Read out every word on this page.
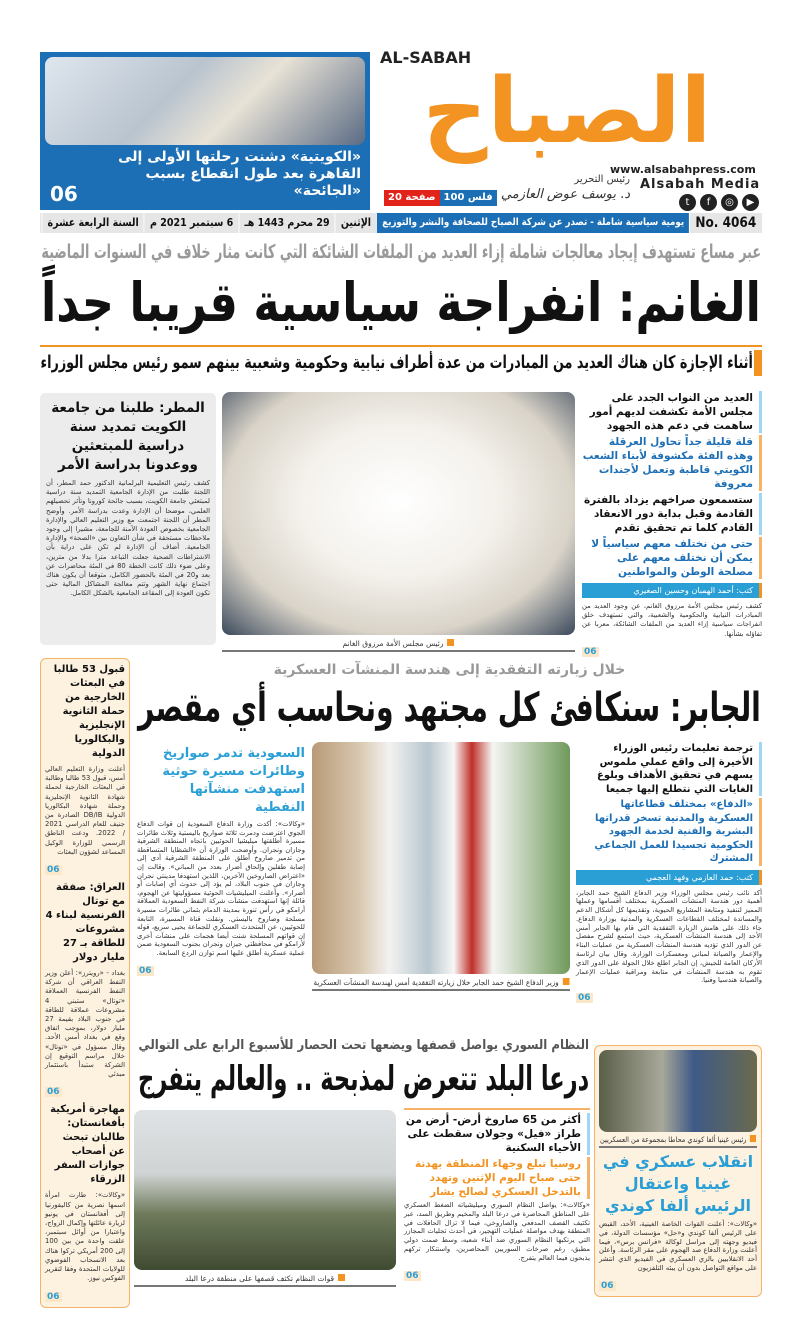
«الكويتية» دشنت رحلتها الأولى إلى القاهرة بعد طول انقطاع بسبب «الجائحة»
06
الصباح
AL-SABAH
www.alsabahpress.com
Alsabah Media
▶
◎
f
t
رئيس التحرير
د. يوسف عوض العازمي
20 صفحة 100 فلس
No. 4064
يومية سياسية شاملة - تصدر عن شركة الصباح للصحافة والنشر والتوزيع
الإثنين
29 محرم 1443 هـ
6 سبتمبر 2021 م
السنة الرابعة عشرة
عبر مساع تستهدف إيجاد معالجات شاملة إزاء العديد من الملفات الشائكة التي كانت مثار خلاف في السنوات الماضية
الغانم: انفراجة سياسية قريبا جداً
أثناء الإجازة كان هناك العديد من المبادرات من عدة أطراف نيابية وحكومية وشعبية بينهم سمو رئيس مجلس الوزراء
العديد من النواب الجدد على مجلس الأمة تكشفت لديهم أمور ساهمت في دعم هذه الجهود
قلة قليلة جداً تحاول العرقلة وهذه الفئة مكشوفة لأبناء الشعب الكويتي قاطبة وتعمل لأجندات معروفة
ستسمعون صراخهم يزداد بالفترة القادمة وقبل بداية دور الانعقاد القادم كلما تم تحقيق تقدم
حتى من نختلف معهم سياسياً لا يمكن أن نختلف معهم على مصلحة الوطن والمواطنين
كتب: أحمد الهمبان وحسين الصغيري
كشف رئيس مجلس الأمة مرزوق الغانم، عن وجود العديد من المبادرات النيابية والحكومية والشعبية، والتي تستهدف خلق انفراجات سياسية إزاء العديد من الملفات الشائكة، معربا عن تفاؤله بشأنها.
06
رئيس مجلس الأمة مرزوق الغانم
المطر: طلبنا من جامعة الكويت تمديد سنة دراسية للمبتعثين ووعدونا بدراسة الأمر
كشف رئيس التعليمية البرلمانية الدكتور حمد المطر، أن اللجنة طلبت من الإدارة الجامعية التمديد سنة دراسية لمبتعثي جامعة الكويت، بسبب جائحة كورونا وتأثر تحصيلهم العلمي، موضحا أن الإدارة وعدت بدراسة الأمر. وأوضح المطر أن اللجنة اجتمعت مع وزير التعليم العالي والإدارة الجامعية بخصوص العودة الآمنة للجامعة، مشيرا إلى وجود ملاحظات مستحقة في شأن التعاون بين «الصحة» والإدارة الجامعية. أضاف أن الإدارة لم تكن على دراية بأن الاشتراطات الصحية جعلت التباعد مترا بدلا من مترين، وعلى ضوء ذلك كانت الخطة 80 في المئة محاضرات عن بعد و20 في المئة بالحضور الكامل، متوقعا أن يكون هناك اجتماع نهاية الشهر وتتم معالجة المشاكل المالية حتى تكون العودة إلى المقاعد الجامعية بالشكل الكامل.
قبول 53 طالبا في البعثات الخارجية من حملة الثانوية الإنجليزية والبكالوريا الدولية
أعلنت وزارة التعليم العالي أمس، قبول 53 طالبا وطالبة في البعثات الخارجية لحملة شهادة الثانوية الإنجليزية وحملة شهادة البكالوريا الدولية DB/IB الصادرة من جنيف للعام الدراسي 2021 / 2022. ودعت الناطق الرسمي للوزارة الوكيل المساعد لشؤون البعثات
06
العراق: صفقة مع توتال الفرنسية لبناء 4 مشروعات للطاقة بـ 27 مليار دولار
بغداد - «رويترز»: أعلن وزير النفط العراقي أن شركة النفط الفرنسية العملاقة «توتال» ستبني 4 مشروعات عملاقة للطاقة في جنوب البلاد بقيمة 27 مليار دولار، بموجب اتفاق وقع في بغداد أمس الأحد. وقال مسؤول في «توتال» خلال مراسم التوقيع إن الشركة ستبدأ باستثمار مبدئي
06
مهاجرة أمريكية بأفغانستان: طالبان تبحث عن أصحاب جوازات السفر الزرقاء
«وكالات»: طارت امرأة اسمها نصرية من كاليفورنيا إلى أفغانستان في يونيو لزيارة عائلتها وإكمال الزواج، واعتبارا من أوائل سبتمبر، علقت واحدة من بين 100 إلى 200 أمريكي تركوا هناك بعد الانسحاب الفوضوي للولايات المتحدة وفقا لتقرير الفوكس نيوز.
06
خلال زيارته التفقدية إلى هندسة المنشآت العسكرية
الجابر: سنكافئ كل مجتهد ونحاسب أي مقصر
ترجمة تعليمات رئيس الوزراء الأخيرة إلى واقع عملي ملموس يسهم في تحقيق الأهداف وبلوغ الغايات التي نتطلع إليها جميعا
«الدفاع» بمختلف قطاعاتها العسكرية والمدنية تسخر قدراتها البشرية والفنية لخدمة الجهود الحكومية تجسيدا للعمل الجماعي المشترك
كتب: حمد العازمي وفهد العجمي
أكد نائب رئيس مجلس الوزراء وزير الدفاع الشيخ حمد الجابر، أهمية دور هندسة المنشآت العسكرية بمختلف أقسامها وعملها المميز لتنفيذ ومتابعة المشاريع الحيوية، وتقديمها كل أشكال الدعم والمساندة لمختلف القطاعات العسكرية والمدنية بوزارة الدفاع. جاء ذلك على هامش الزيارة التفقدية التي قام بها الجابر أمس الأحد إلى هندسة المنشآت العسكرية، حيث استمع لشرح مفصل عن الدور الذي تؤديه هندسة المنشآت العسكرية من عمليات البناء والإعمار والصيانة لمباني ومعسكرات الوزارة. وقال بيان لرئاسة الأركان العامة للجيش، إن الجابر اطلع خلال الجولة على الدور الذي تقوم به هندسة المنشآت في متابعة ومراقبة عمليات الإعمار والصيانة هندسيا وفنيا.
06
وزير الدفاع الشيخ حمد الجابر خلال زيارته التفقدية أمس لهندسة المنشآت العسكرية
السعودية تدمر صواريخ وطائرات مسيرة حوثية استهدفت منشآتها النفطية
«وكالات»: أكدت وزارة الدفاع السعودية إن قوات الدفاع الجوي اعترضت ودمرت ثلاثة صواريخ باليستية وثلاث طائرات مسيرة أطلقتها ميليشيا الحوثيين باتجاه المنطقة الشرقية وجازان ونجران. وأوضحت الوزارة أن «الشظايا المتساقطة من تدمير صاروخ أطلق على المنطقة الشرقية أدى إلى إصابة طفلين وإلحاق أضرار بعدد من المباني». وقالت إن «اعتراض الصاروخين الآخرين، اللذين استهدفا مدينتي نجران وجازان في جنوب البلاد، لم يؤد إلى حدوث أي إصابات أو أضرار». وأعلنت الميليشيات الحوثية مسؤوليتها عن الهجوم، قائلة إنها استهدفت منشآت شركة النفط السعودية العملاقة أرامكو في رأس تنورة بمدينة الدمام بثماني طائرات مسيرة مسلحة وصاروخ باليستي. ونقلت قناة المسيرة، التابعة للحوثيين، عن المتحدث العسكري للجماعة يحيى سريع، قوله إن قواتهم المسلحة شنت أيضا هجمات على منشآت أخرى لأرامكو في محافظتي جيزان ونجران بجنوب السعودية ضمن عملية عسكرية أطلق عليها اسم توازن الردع السابعة.
06
النظام السوري يواصل قصفها ويضعها تحت الحصار للأسبوع الرابع على التوالي
درعا البلد تتعرض لمذبحة .. والعالم يتفرج
أكثر من 65 صاروخ أرض- أرض من طراز «فيل» وجولان سقطت على الأحياء السكنية
روسيا تبلغ وجهاء المنطقة بهدنة حتى صباح اليوم الإثنين وتهدد بالتدخل العسكري لصالح بشار
«وكالات»: يواصل النظام السوري وميليشياته الضغط العسكري على المناطق المحاصرة في درعا البلد والمخيم وطريق السد، عبر تكثيف القصف المدفعي والصاروخي، فيما لا تزال الحافلات في المنطقة بهدف مواصلة عمليات التهجير، في أحدث تجليات المجازر التي يرتكبها النظام السوري ضد أبناء شعبه، وسط صمت دولي مطبق، رغم صرخات السوريين المحاصرين، واستنكار تركهم يذبحون فيما العالم يتفرج.
06
قوات النظام تكثف قصفها على منطقة درعا البلد
رئيس غينيا ألفا كوندي محاطا بمجموعة من العسكريين
انقلاب عسكري في غينيا واعتقال الرئيس ألفا كوندي
«وكالات»: أعلنت القوات الخاصة الغينية، الأحد، القبض على الرئيس ألفا كوندي و«حل» مؤسسات الدولة، في فيديو وجهته إلى مراسل لوكالة «فرانس برس»، فيما أعلنت وزارة الدفاع صد الهجوم على مقر الرئاسة. وأعلن أحد الانقلابيين بالزي العسكري في الفيديو الذي انتشر على مواقع التواصل بدون أن يبثه التلفزيون
06
